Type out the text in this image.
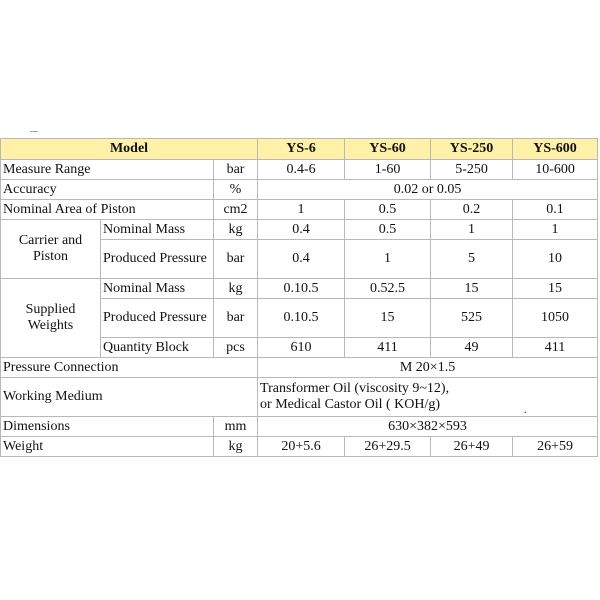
Model			YS-6	YS-60	YS-250	YS-600
Measure Range		bar	0.4-6	1-60	5-250	10-600
Accuracy		%	0.02 or 0.05			
Nominal Area of Piston		cm2	1	0.5	0.2	0.1
Carrier and Piston	Nominal Mass	kg	0.4	0.5	1	1
	Produced Pressure	bar	0.4	1	5	10
Supplied Weights	Nominal Mass	kg	0.10.5	0.52.5	15	15
	Produced Pressure	bar	0.10.5	15	525	1050
	Quantity Block	pcs	610	411	49	411
Pressure Connection			M 20×1.5			
Working Medium			Transformer Oil (viscosity 9~12),
or Medical Castor Oil ( KOH/g)			

Dimensions		mm	630×382×593			
Weight		kg	20+5.6	26+29.5	26+49	26+59
.
